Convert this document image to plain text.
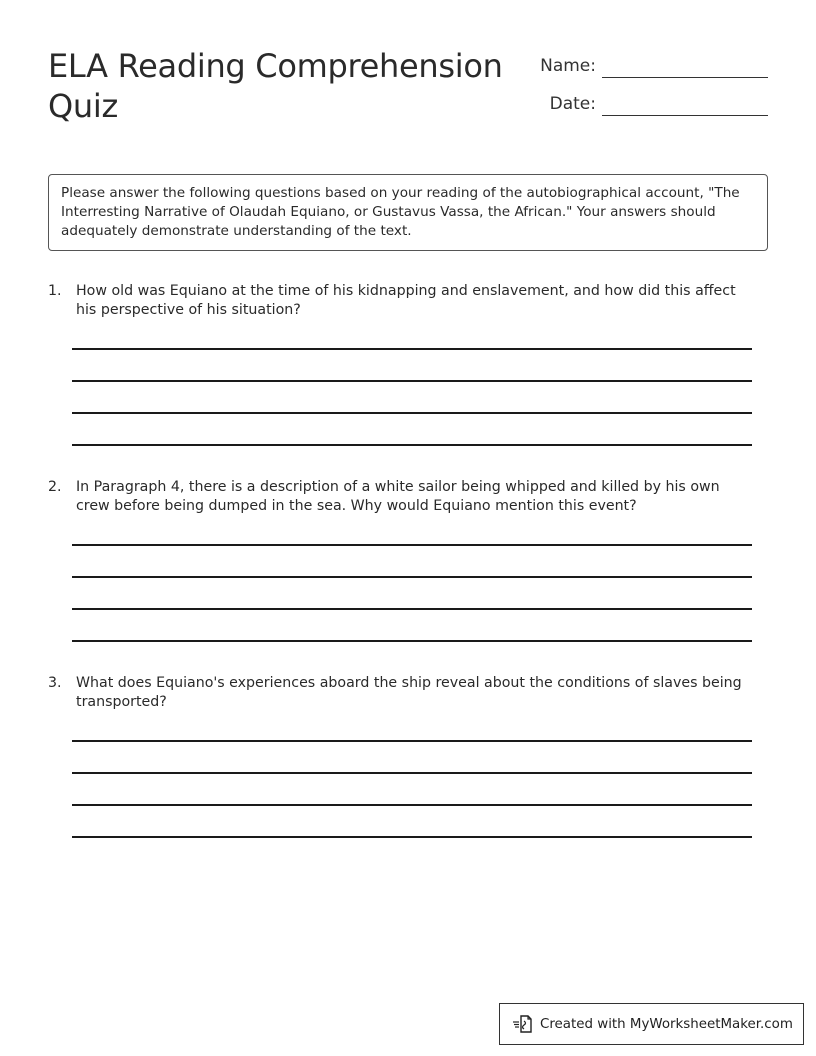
ELA Reading Comprehension Quiz
Name:
Date:
Please answer the following questions based on your reading of the autobiographical account, "The Interresting Narrative of Olaudah Equiano, or Gustavus Vassa, the African." Your answers should adequately demonstrate understanding of the text.
1. How old was Equiano at the time of his kidnapping and enslavement, and how did this affect his perspective of his situation?
2. In Paragraph 4, there is a description of a white sailor being whipped and killed by his own crew before being dumped in the sea. Why would Equiano mention this event?
3. What does Equiano's experiences aboard the ship reveal about the conditions of slaves being transported?
Created with MyWorksheetMaker.com
